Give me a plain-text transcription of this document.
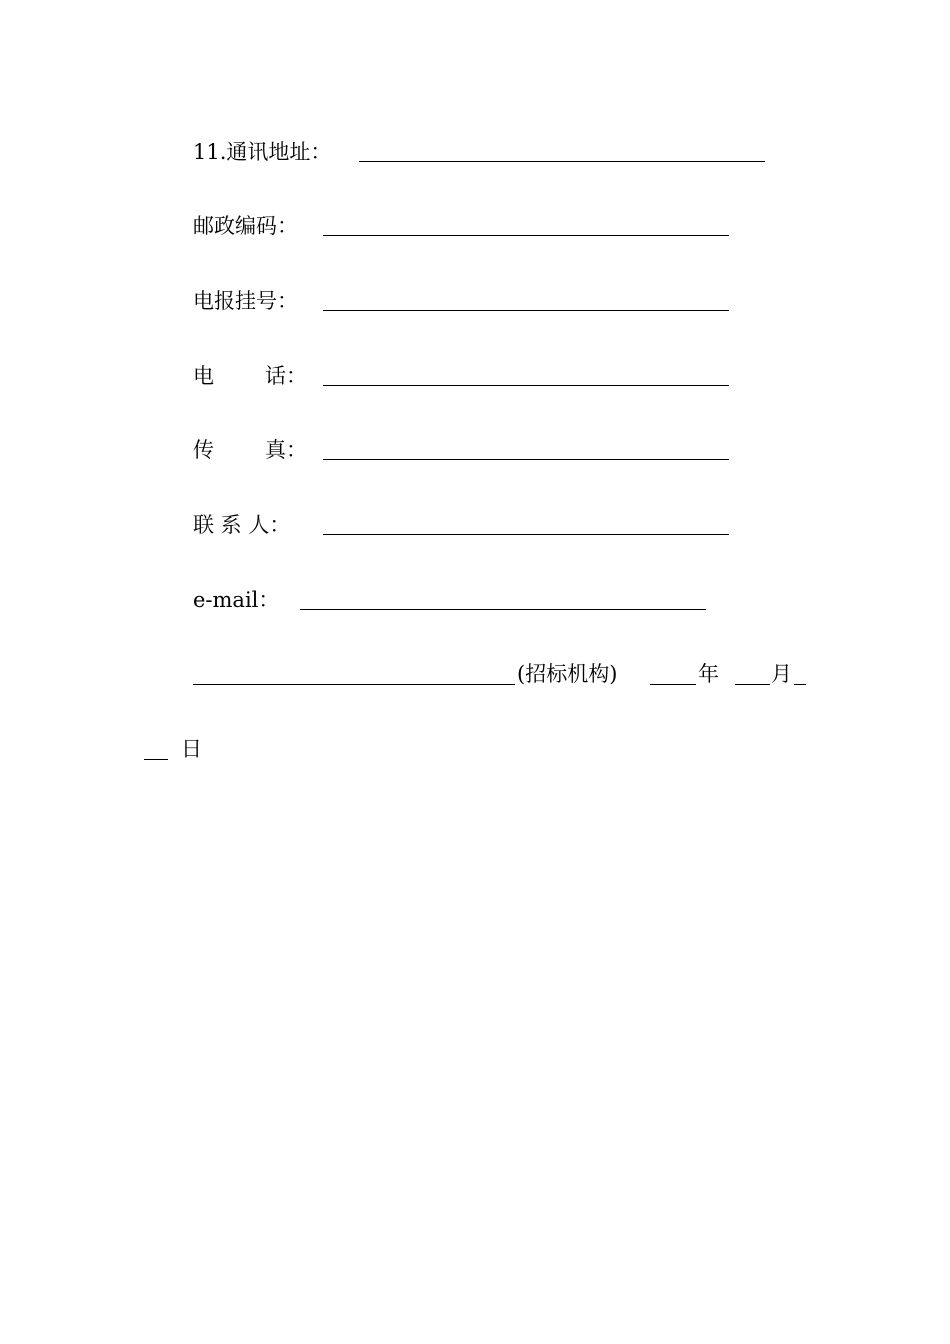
11.通讯地址：
邮政编码：
电报挂号：
电 话：
传 真：
联 系 人：
e-mail：
(招标机构)	年 月
日
